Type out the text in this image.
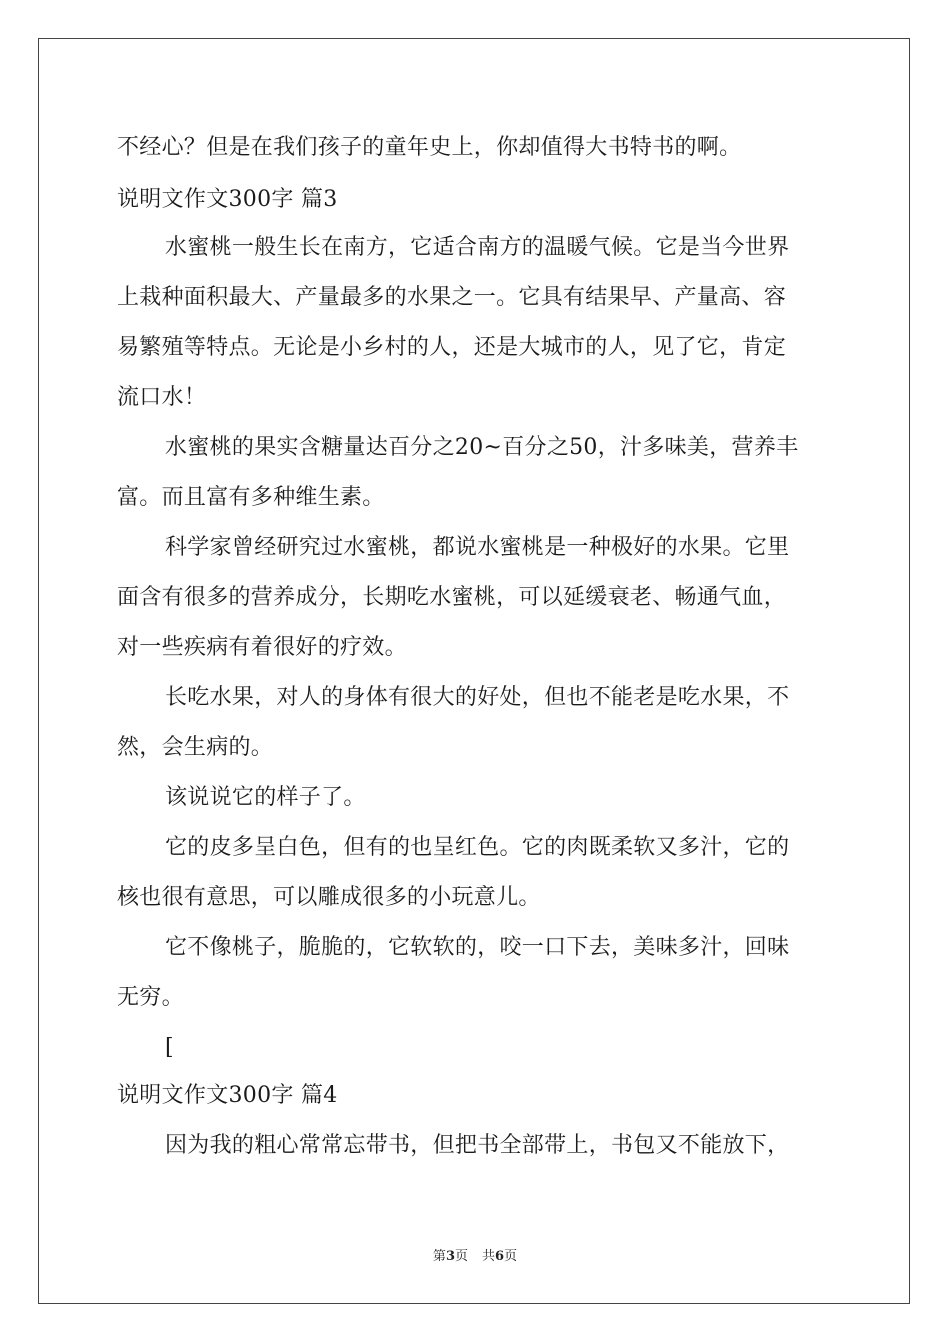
不经心？但是在我们孩子的童年史上，你却值得大书特书的啊。
说明文作文300字 篇3
水蜜桃一般生长在南方，它适合南方的温暖气候。它是当今世界
上栽种面积最大、产量最多的水果之一。它具有结果早、产量高、容
易繁殖等特点。无论是小乡村的人，还是大城市的人，见了它，肯定
流口水！
水蜜桃的果实含糖量达百分之20~百分之50，汁多味美，营养丰
富。而且富有多种维生素。
科学家曾经研究过水蜜桃，都说水蜜桃是一种极好的水果。它里
面含有很多的营养成分，长期吃水蜜桃，可以延缓衰老、畅通气血，
对一些疾病有着很好的疗效。
长吃水果，对人的身体有很大的好处，但也不能老是吃水果，不
然，会生病的。
该说说它的样子了。
它的皮多呈白色，但有的也呈红色。它的肉既柔软又多汁，它的
核也很有意思，可以雕成很多的小玩意儿。
它不像桃子，脆脆的，它软软的，咬一口下去，美味多汁，回味
无穷。
[
说明文作文300字 篇4
因为我的粗心常常忘带书，但把书全部带上，书包又不能放下，
第3页 共6页
